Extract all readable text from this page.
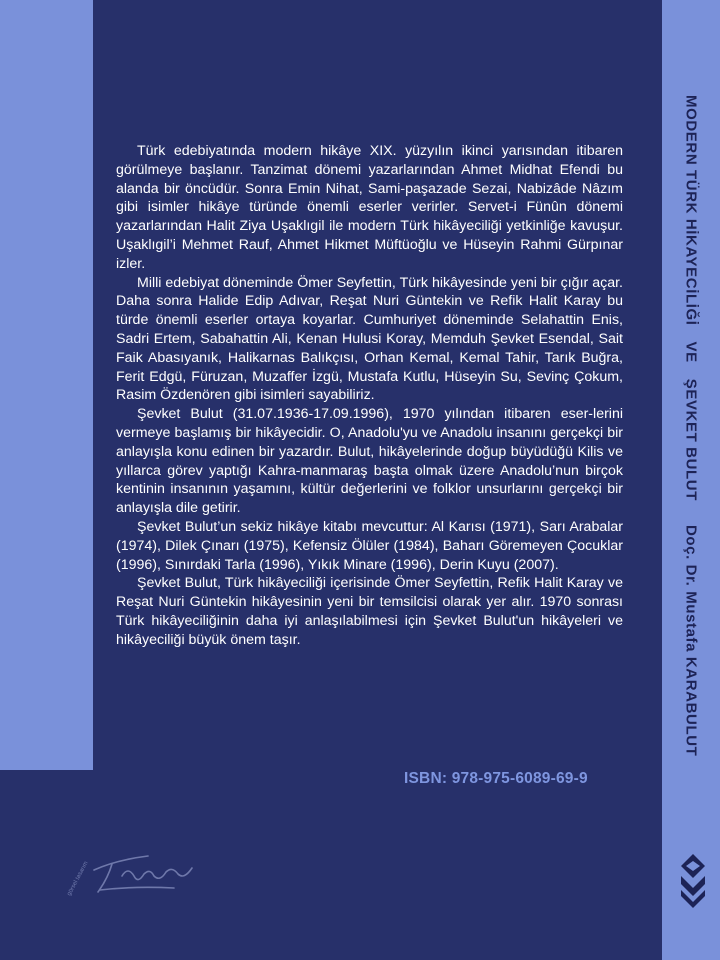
MODERN TÜRK HİKAYECİLİĞİVEŞEVKET BULUTDoç. Dr. Mustafa KARABULUT

Türk edebiyatında modern hikâye XIX. yüzyılın ikinci yarısından itibaren görülmeye başlanır. Tanzimat dönemi yazarlarından Ahmet Midhat Efendi bu alanda bir öncüdür. Sonra Emin Nihat, Sami-paşazade Sezai, Nabizâde Nâzım gibi isimler hikâye türünde önemli eserler verirler. Servet-i Fünûn dönemi yazarlarından Halit Ziya Uşaklıgil ile modern Türk hikâyeciliği yetkinliğe kavuşur. Uşaklıgil’i Mehmet Rauf, Ahmet Hikmet Müftüoğlu ve Hüseyin Rahmi Gürpınar izler.

Milli edebiyat döneminde Ömer Seyfettin, Türk hikâyesinde yeni bir çığır açar. Daha sonra Halide Edip Adıvar, Reşat Nuri Güntekin ve Refik Halit Karay bu türde önemli eserler ortaya koyarlar. Cumhuriyet döneminde Selahattin Enis, Sadri Ertem, Sabahattin Ali, Kenan Hulusi Koray, Memduh Şevket Esendal, Sait Faik Abasıyanık, Halikarnas Balıkçısı, Orhan Kemal, Kemal Tahir, Tarık Buğra, Ferit Edgü, Füruzan, Muzaffer İzgü, Mustafa Kutlu, Hüseyin Su, Sevinç Çokum, Rasim Özdenören gibi isimleri sayabiliriz.

Şevket Bulut (31.07.1936-17.09.1996), 1970 yılından itibaren eser-lerini vermeye başlamış bir hikâyecidir. O, Anadolu'yu ve Anadolu insanını gerçekçi bir anlayışla konu edinen bir yazardır. Bulut, hikâyelerinde doğup büyüdüğü Kilis ve yıllarca görev yaptığı Kahra-manmaraş başta olmak üzere Anadolu’nun birçok kentinin insanının yaşamını, kültür değerlerini ve folklor unsurlarını gerçekçi bir anlayışla dile getirir.

Şevket Bulut’un sekiz hikâye kitabı mevcuttur: Al Karısı (1971), Sarı Arabalar (1974), Dilek Çınarı (1975), Kefensiz Ölüler (1984), Baharı Göremeyen Çocuklar (1996), Sınırdaki Tarla (1996), Yıkık Minare (1996), Derin Kuyu (2007).

Şevket Bulut, Türk hikâyeciliği içerisinde Ömer Seyfettin, Refik Halit Karay ve Reşat Nuri Güntekin hikâyesinin yeni bir temsilcisi olarak yer alır. 1970 sonrası Türk hikâyeciliğinin daha iyi anlaşılabilmesi için Şevket Bulut'un hikâyeleri ve hikâyeciliği büyük önem taşır.

ISBN: 978-975-6089-69-9
görsel tasarım
